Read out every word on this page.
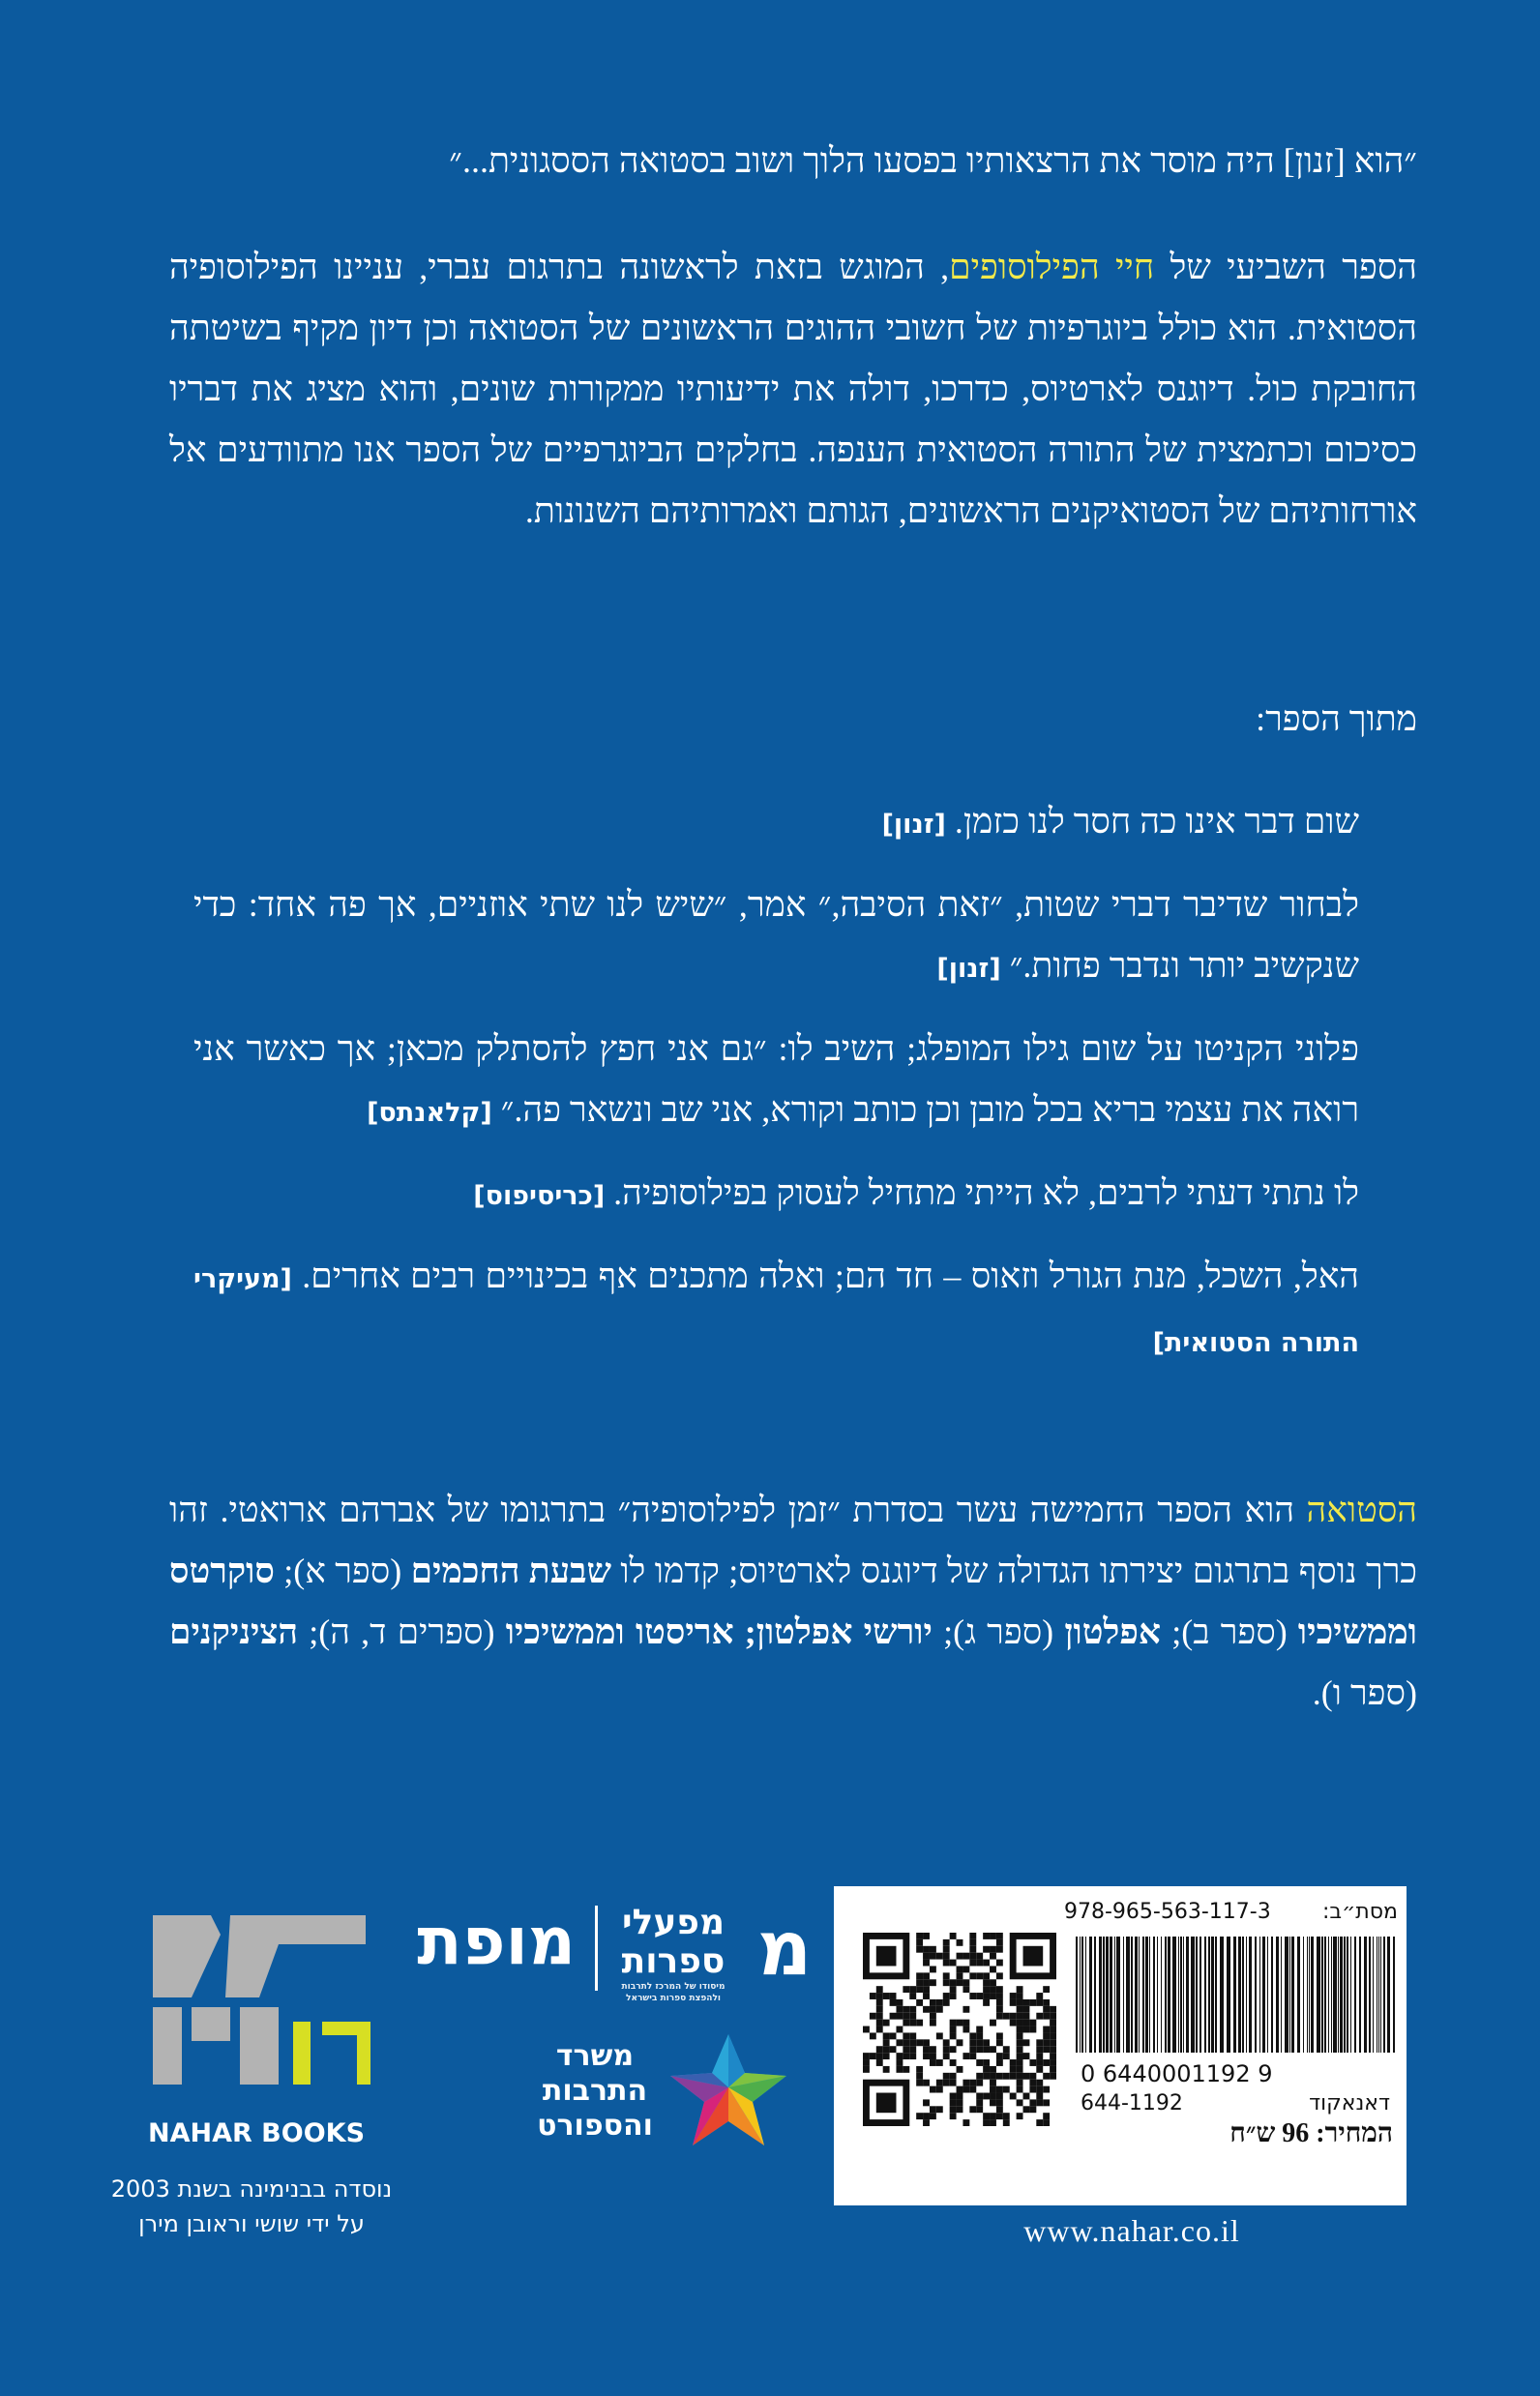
״הוא [זנון] היה מוסר את הרצאותיו בפסעו הלוך ושוב בסטואה הססגונית...״

הספר השביעי של חיי הפילוסופים, המוגש בזאת לראשונה בתרגום עברי, עניינו הפילוסופיה הסטואית. הוא כולל ביוגרפיות של חשובי ההוגים הראשונים של הסטואה וכן דיון מקיף בשיטתה החובקת כול. דיוגנס לארטיוס, כדרכו, דולה את ידיעותיו ממקורות שונים, והוא מציג את דבריו כסיכום וכתמצית של התורה הסטואית הענפה. בחלקים הביוגרפיים של הספר אנו מתוודעים אל אורחותיהם של הסטואיקנים הראשונים, הגותם ואמרותיהם השנונות.

מתוך הספר:

שום דבר אינו כה חסר לנו כזמן. [זנון]

לבחור שדיבר דברי שטות, ״זאת הסיבה,״ אמר, ״שיש לנו שתי אוזניים, אך פה אחד: כדי שנקשיב יותר ונדבר פחות.״ [זנון]

פלוני הקניטו על שום גילו המופלג; השיב לו: ״גם אני חפץ להסתלק מכאן; אך כאשר אני רואה את עצמי בריא בכל מובן וכן כותב וקורא, אני שב ונשאר פה.״ [קלאנתס]

לו נתתי דעתי לרבים, לא הייתי מתחיל לעסוק בפילוסופיה. [כריסיפוס]

האל, השכל, מנת הגורל וזאוס – חד הם; ואלה מתכנים אף בכינויים רבים אחרים. [מעיקרי התורה הסטואית]

הסטואה הוא הספר החמישה עשר בסדרת ״זמן לפילוסופיה״ בתרגומו של אברהם ארואטי. זהו כרך נוסף בתרגום יצירתו הגדולה של דיוגנס לארטיוס; קדמו לו שבעת החכמים (ספר א); סוקרטס וממשיכיו (ספר ב); אפלטון (ספר ג); יורשי אפלטון; אריסטו וממשיכיו (ספרים ד, ה); הציניקנים (ספר ו).

מופת	מפעלי
ספרות
מיסודו של המרכז לתרבות ולהפצת ספרות בישראל
מ
משרד
התרבות
והספורט
NAHAR BOOKS
נוסדה בבנימינה בשנת 2003
על ידי שושי וראובן מירן
978-965-563-117-3 מסת״ב:
0 6440001192 9
644-1192	דאנאקוד
המחיר: 96 ש״ח
www.nahar.co.il
